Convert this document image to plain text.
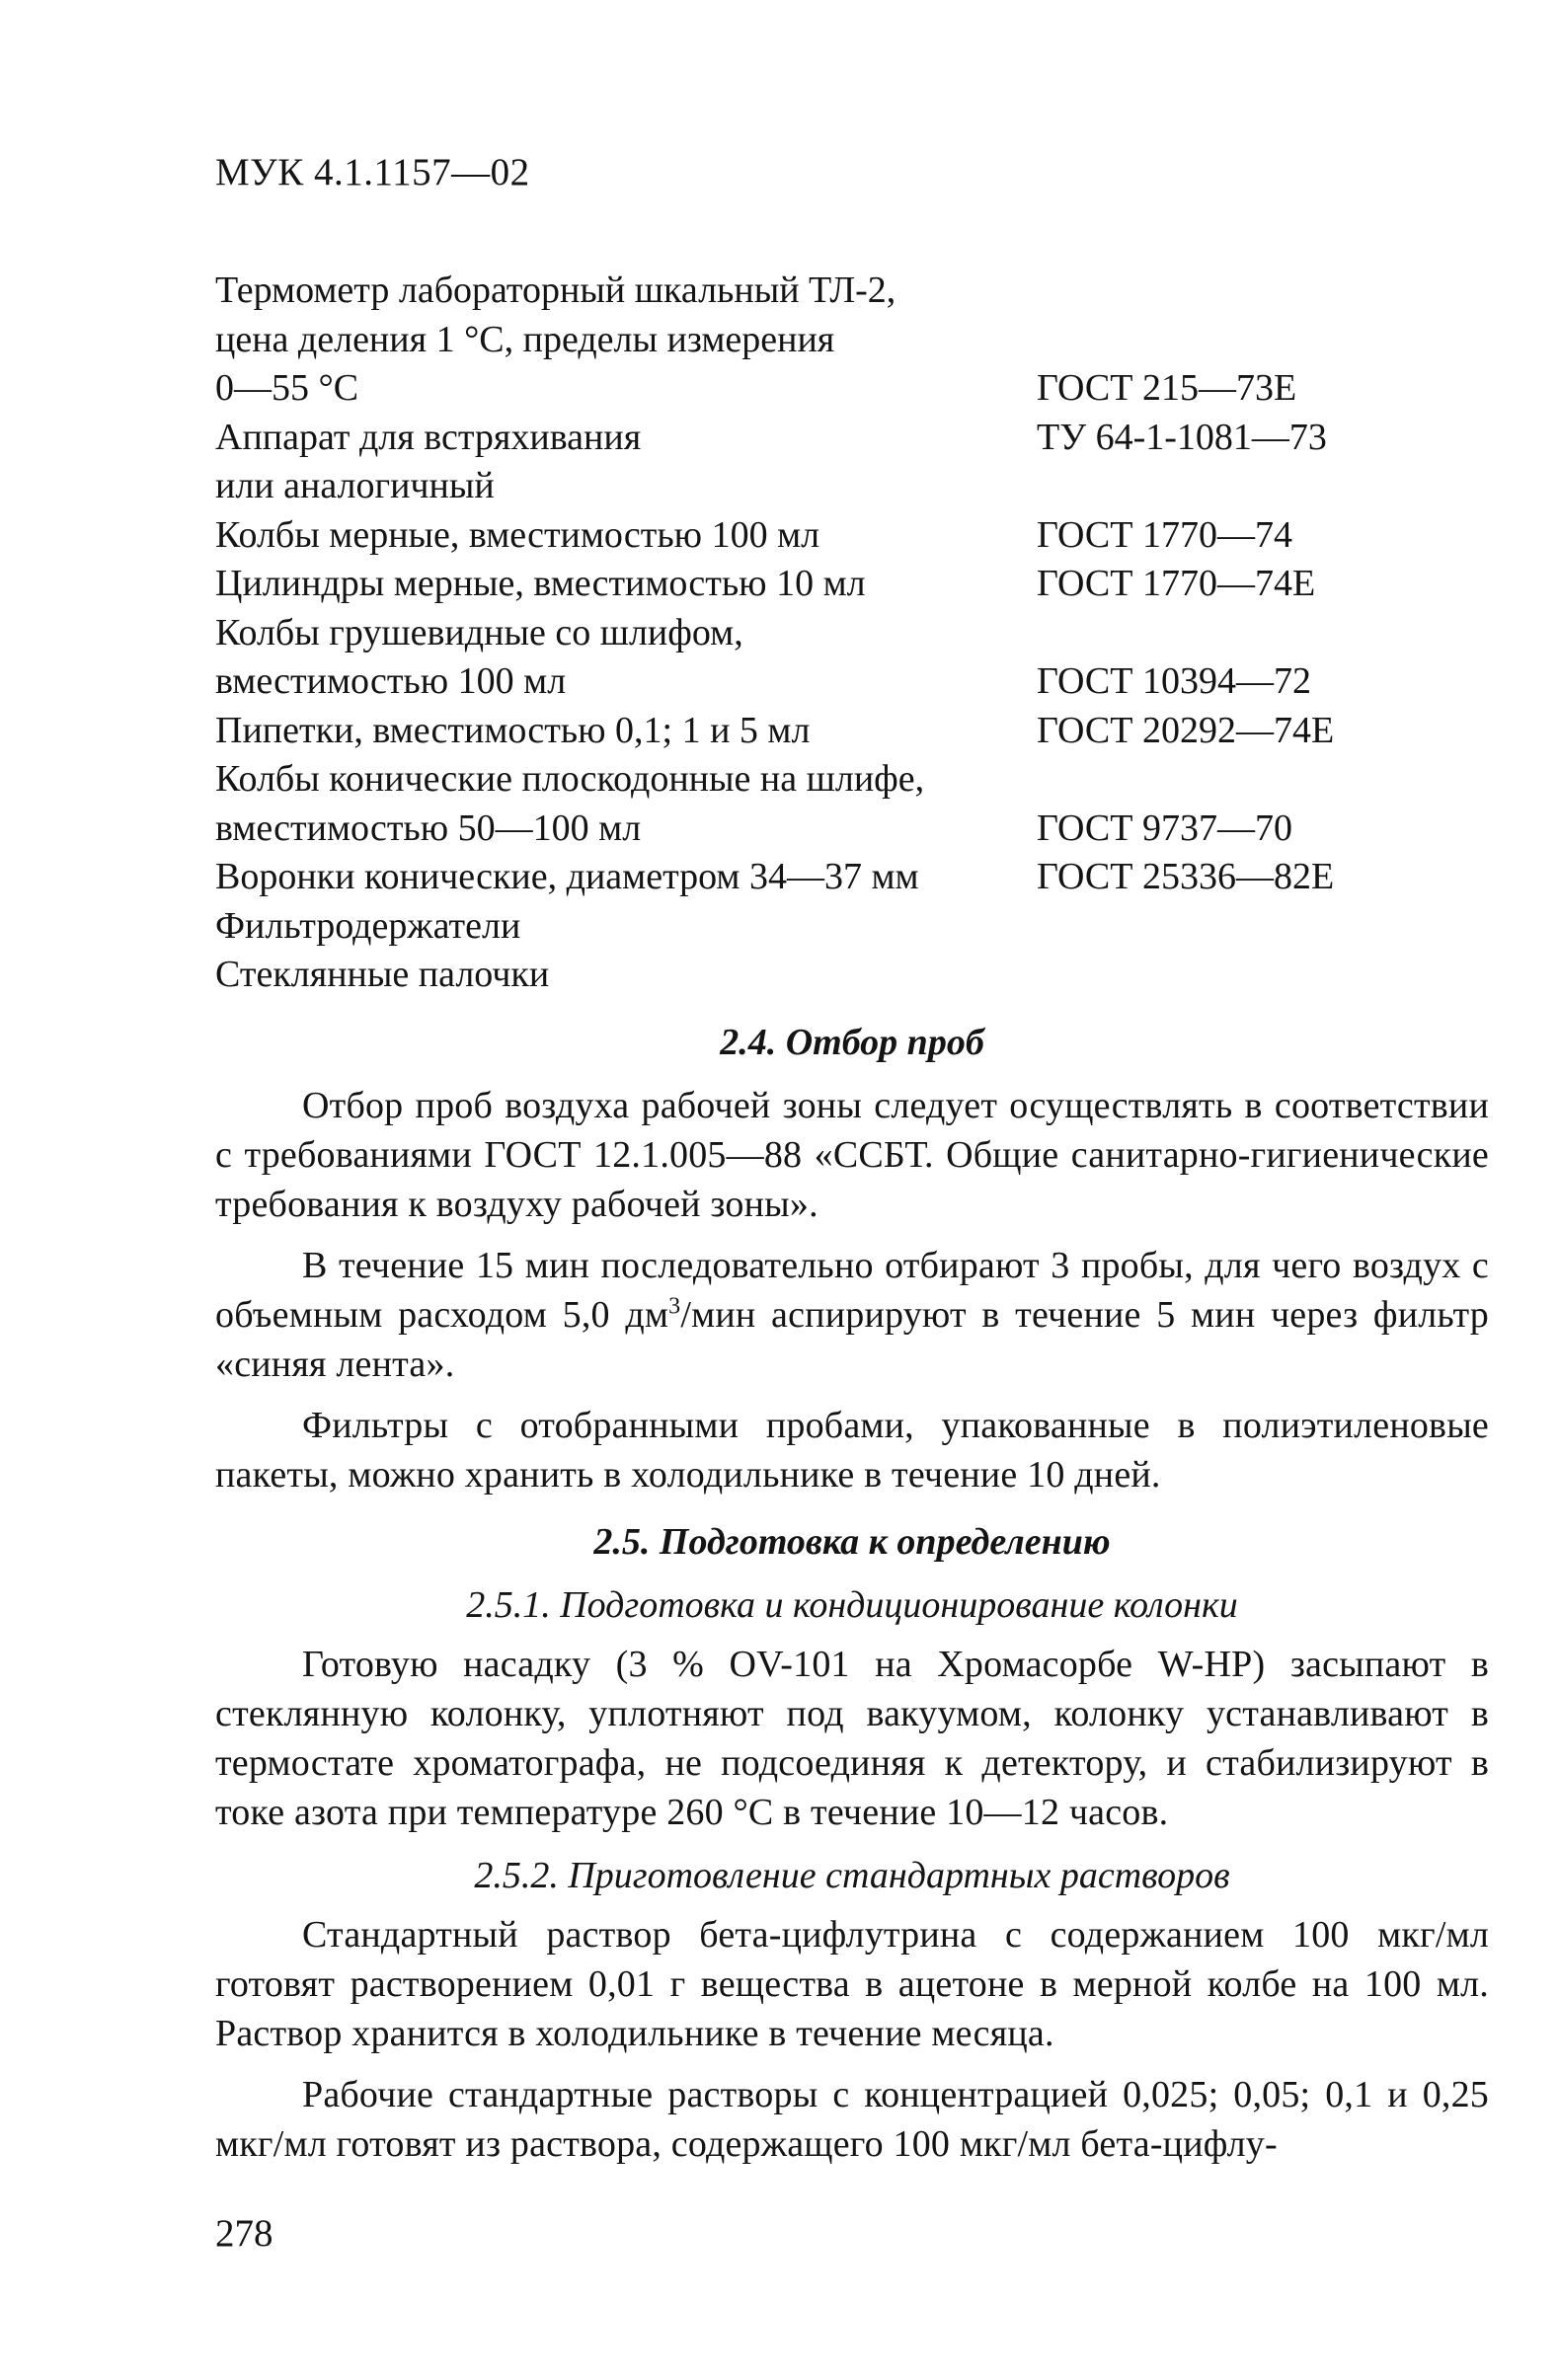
МУК 4.1.1157—02
Термометр лабораторный шкальный ТЛ-2,	
цена деления 1 °С, пределы измерения	
0—55 °С	ГОСТ 215—73Е
Аппарат для встряхивания	ТУ 64-1-1081—73
или аналогичный	
Колбы мерные, вместимостью 100 мл	ГОСТ 1770—74
Цилиндры мерные, вместимостью 10 мл	ГОСТ 1770—74Е
Колбы грушевидные со шлифом,	
вместимостью 100 мл	ГОСТ 10394—72
Пипетки, вместимостью 0,1; 1 и 5 мл	ГОСТ 20292—74Е
Колбы конические плоскодонные на шлифе,	
вместимостью 50—100 мл	ГОСТ 9737—70
Воронки конические, диаметром 34—37 мм	ГОСТ 25336—82Е
Фильтродержатели	
Стеклянные палочки	
2.4. Отбор проб

Отбор проб воздуха рабочей зоны следует осуществлять в соответствии с требованиями ГОСТ 12.1.005—88 «ССБТ. Общие санитарно-гигиенические требования к воздуху рабочей зоны».

В течение 15 мин последовательно отбирают 3 пробы, для чего воздух с объемным расходом 5,0 $дм^3$/мин аспирируют в течение 5 мин через фильтр «синяя лента».

Фильтры с отобранными пробами, упакованные в полиэтиленовые пакеты, можно хранить в холодильнике в течение 10 дней.

2.5. Подготовка к определению
2.5.1. Подготовка и кондиционирование колонки

Готовую насадку (3 % OV-101 на Хромасорбе W-HP) засыпают в стеклянную колонку, уплотняют под вакуумом, колонку устанавливают в термостате хроматографа, не подсоединяя к детектору, и стабилизируют в токе азота при температуре 260 °С в течение 10—12 часов.

2.5.2. Приготовление стандартных растворов

Стандартный раствор бета-цифлутрина с содержанием 100 мкг/мл готовят растворением 0,01 г вещества в ацетоне в мерной колбе на 100 мл. Раствор хранится в холодильнике в течение месяца.

Рабочие стандартные растворы с концентрацией 0,025; 0,05; 0,1 и 0,25 мкг/мл готовят из раствора, содержащего 100 мкг/мл бета-цифлу-

278
